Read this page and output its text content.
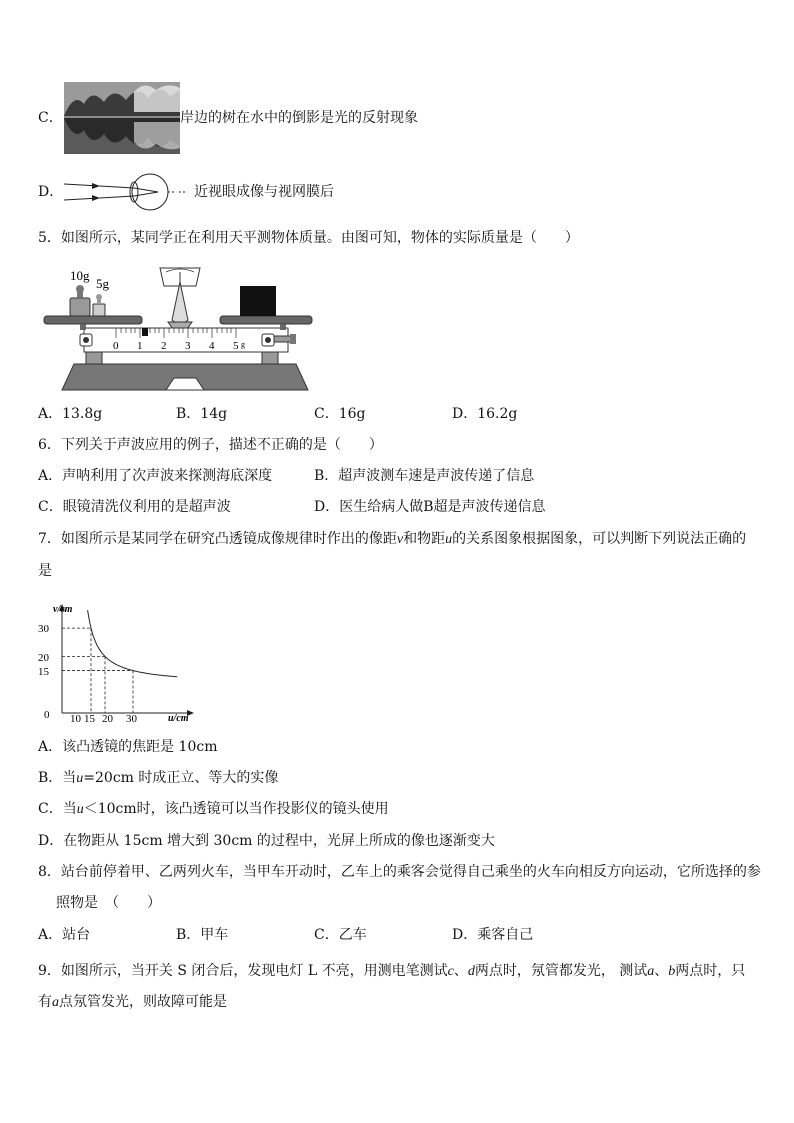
C．	岸边的树在水中的倒影是光的反射现象
D．	近视眼成像与视网膜后
5．如图所示，某同学正在利用天平测物体质量。由图可知，物体的实际质量是（　　）
10g
5g
0 1 2 3 4 5 g
A．13.8g	B．14g	C．16g	D．16.2g
6．下列关于声波应用的例子，描述不正确的是（　　）
A．声呐利用了次声波来探测海底深度	B．超声波测车速是声波传递了信息
C．眼镜清洗仪利用的是超声波	D．医生给病人做B超是声波传递信息
7．如图所示是某同学在研究凸透镜成像规律时作出的像距v和物距u的关系图象根据图象，可以判断下列说法正确的
是
v/cm
u/cm
0
30
20
15
10 15 20 30
A．该凸透镜的焦距是 10cm
B．当u=20cm 时成正立、等大的实像
C．当u＜10cm时，该凸透镜可以当作投影仪的镜头使用
D．在物距从 15cm 增大到 30cm 的过程中，光屏上所成的像也逐渐变大
8．站台前停着甲、乙两列火车，当甲车开动时，乙车上的乘客会觉得自己乘坐的火车向相反方向运动，它所选择的参
照物是　（　　）
A．站台	B．甲车	C．乙车	D．乘客自己
9．如图所示，当开关 S 闭合后，发现电灯 L 不亮，用测电笔测试c、d两点时，氖管都发光， 测试a、b两点时，只
有a点氖管发光，则故障可能是
